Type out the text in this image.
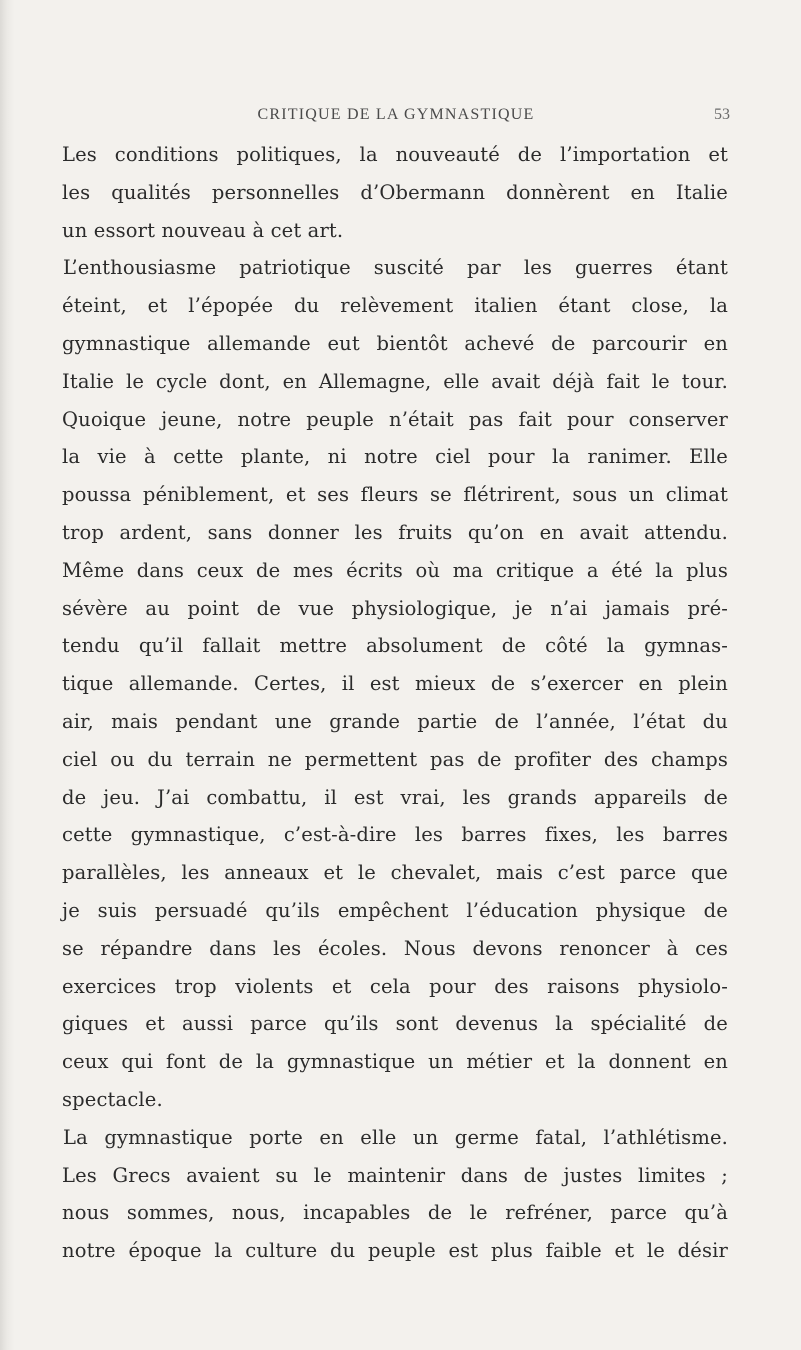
CRITIQUE DE LA GYMNASTIQUE	53
Les conditions politiques, la nouveauté de l’importation et
les qualités personnelles d’Obermann donnèrent en Italie
un essort nouveau à cet art.
L’enthousiasme patriotique suscité par les guerres étant
éteint, et l’épopée du relèvement italien étant close, la
gymnastique allemande eut bientôt achevé de parcourir en
Italie le cycle dont, en Allemagne, elle avait déjà fait le tour.
Quoique jeune, notre peuple n’était pas fait pour conserver
la vie à cette plante, ni notre ciel pour la ranimer. Elle
poussa péniblement, et ses fleurs se flétrirent, sous un climat
trop ardent, sans donner les fruits qu’on en avait attendu.
Même dans ceux de mes écrits où ma critique a été la plus
sévère au point de vue physiologique, je n’ai jamais pré-
tendu qu’il fallait mettre absolument de côté la gymnas-
tique allemande. Certes, il est mieux de s’exercer en plein
air, mais pendant une grande partie de l’année, l’état du
ciel ou du terrain ne permettent pas de profiter des champs
de jeu. J’ai combattu, il est vrai, les grands appareils de
cette gymnastique, c’est-à-dire les barres fixes, les barres
parallèles, les anneaux et le chevalet, mais c’est parce que
je suis persuadé qu’ils empêchent l’éducation physique de
se répandre dans les écoles. Nous devons renoncer à ces
exercices trop violents et cela pour des raisons physiolo-
giques et aussi parce qu’ils sont devenus la spécialité de
ceux qui font de la gymnastique un métier et la donnent en
spectacle.
La gymnastique porte en elle un germe fatal, l’athlétisme.
Les Grecs avaient su le maintenir dans de justes limites ;
nous sommes, nous, incapables de le refréner, parce qu’à
notre époque la culture du peuple est plus faible et le désir
